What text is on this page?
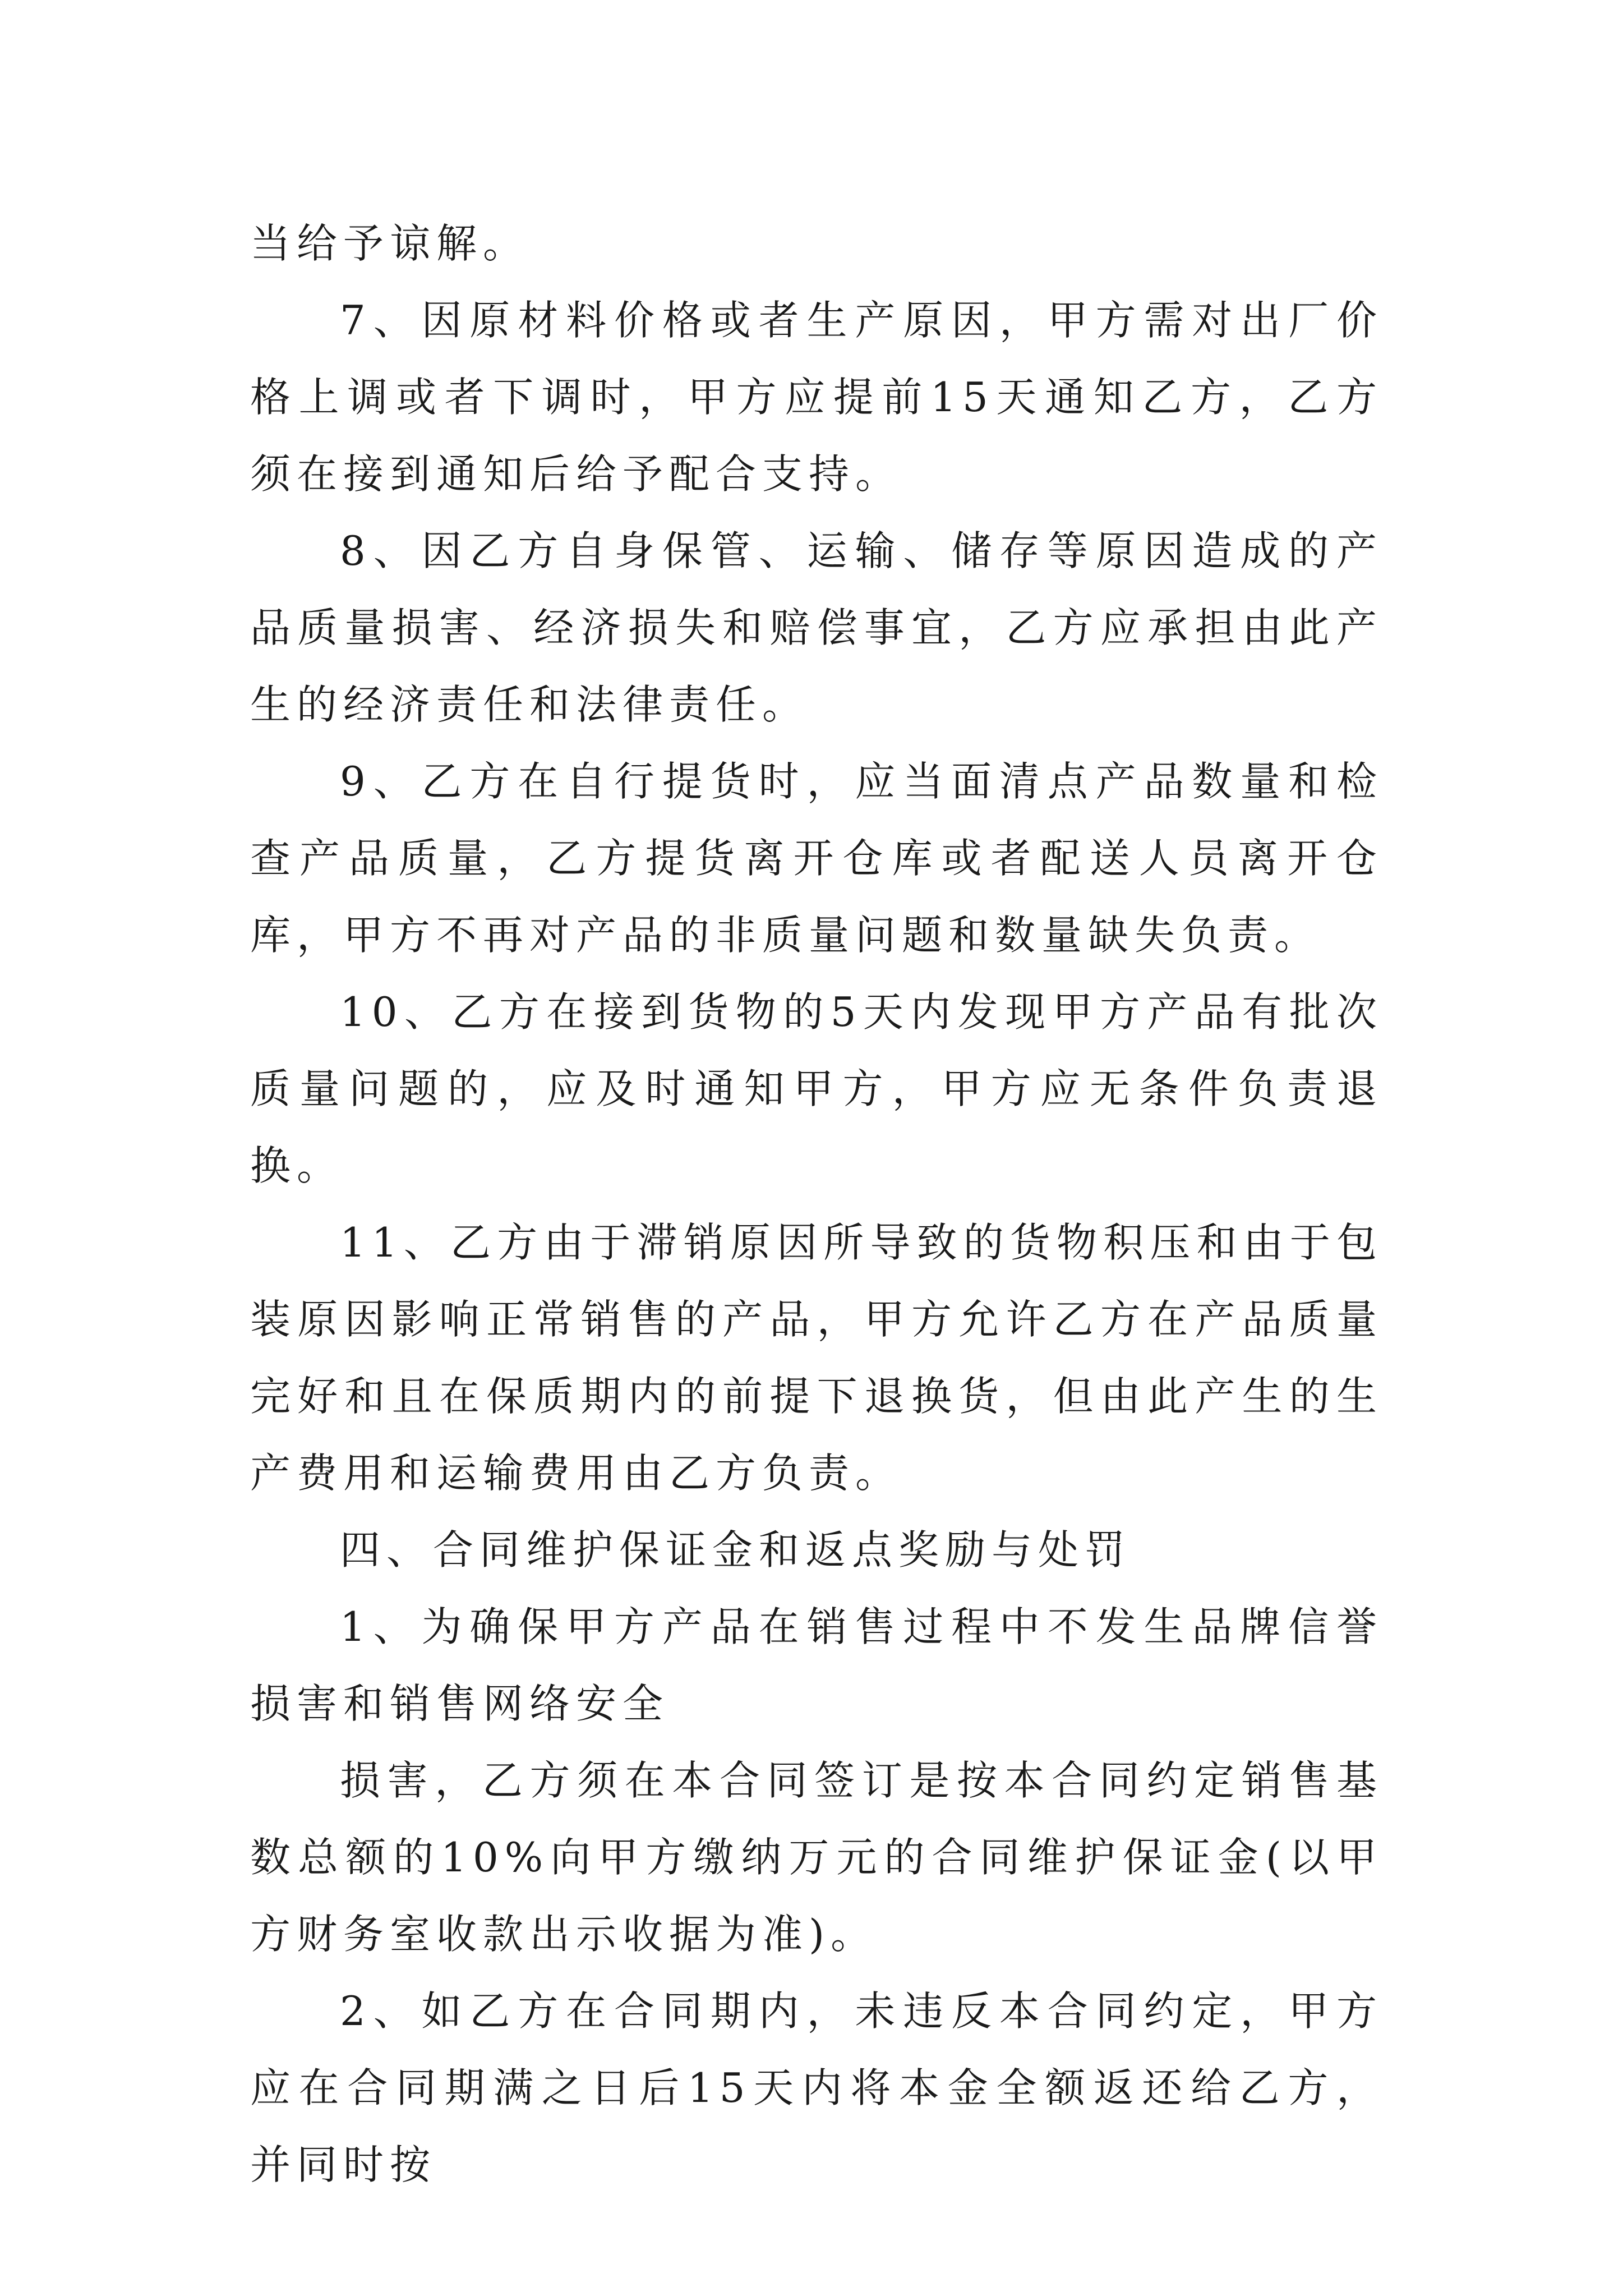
当给予谅解。

7、因原材料价格或者生产原因，甲方需对出厂价格上调或者下调时，甲方应提前15天通知乙方，乙方须在接到通知后给予配合支持。

8、因乙方自身保管、运输、储存等原因造成的产品质量损害、经济损失和赔偿事宜，乙方应承担由此产生的经济责任和法律责任。

9、乙方在自行提货时，应当面清点产品数量和检查产品质量，乙方提货离开仓库或者配送人员离开仓库，甲方不再对产品的非质量问题和数量缺失负责。

10、乙方在接到货物的5天内发现甲方产品有批次质量问题的，应及时通知甲方，甲方应无条件负责退换。

11、乙方由于滞销原因所导致的货物积压和由于包装原因影响正常销售的产品，甲方允许乙方在产品质量完好和且在保质期内的前提下退换货，但由此产生的生产费用和运输费用由乙方负责。

四、合同维护保证金和返点奖励与处罚

1、为确保甲方产品在销售过程中不发生品牌信誉损害和销售网络安全

损害，乙方须在本合同签订是按本合同约定销售基数总额的10%向甲方缴纳万元的合同维护保证金(以甲方财务室收款出示收据为准)。

2、如乙方在合同期内，未违反本合同约定，甲方应在合同期满之日后15天内将本金全额返还给乙方，并同时按
